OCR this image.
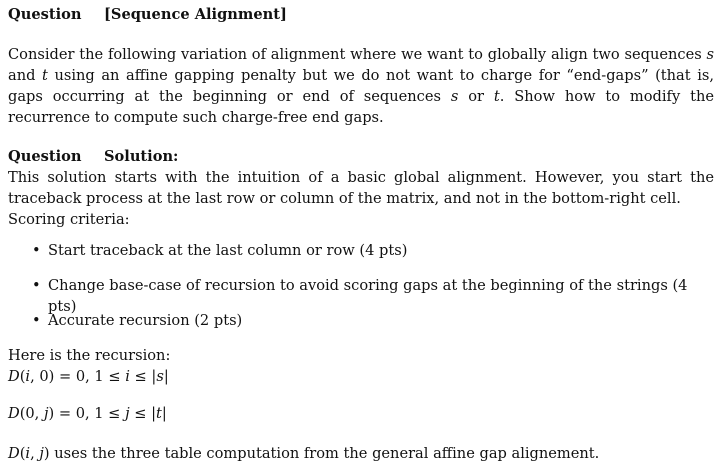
Question [Sequence Alignment]

Consider the following variation of alignment where we want to globally align two sequences s and t using an affine gapping penalty but we do not want to charge for “end-gaps” (that is, gaps occurring at the beginning or end of sequences s or t. Show how to modify the recurrence to compute such charge-free end gaps.

Question Solution:

This solution starts with the intuition of a basic global alignment. However, you start the traceback process at the last row or column of the matrix, and not in the bottom-right cell.

Scoring criteria:

• Start traceback at the last column or row (4 pts)
• Change base-case of recursion to avoid scoring gaps at the beginning of the strings (4 pts)
• Accurate recursion (2 pts)

Here is the recursion:

D(i, 0) = 0, 1 ≤ i ≤ |s|
D(0, j) = 0, 1 ≤ j ≤ |t|
D(i, j) uses the three table computation from the general affine gap alignement.
